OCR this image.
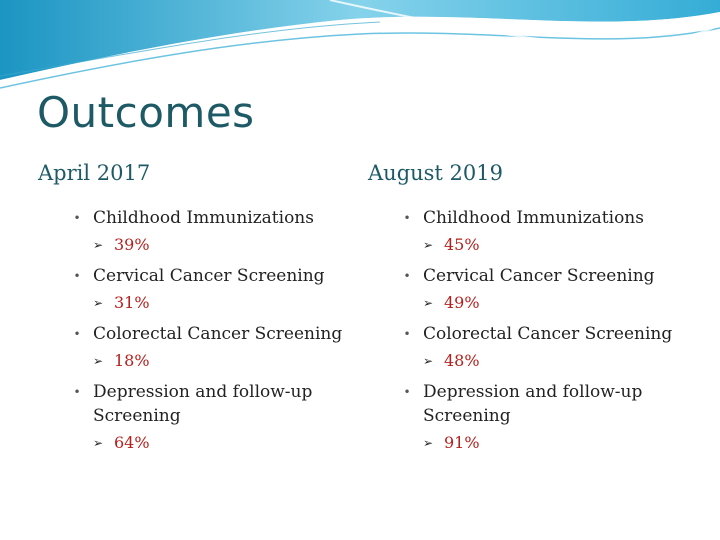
Outcomes
April 2017
• Childhood Immunizations
➢ 39%
• Cervical Cancer Screening
➢ 31%
• Colorectal Cancer Screening
➢ 18%
• Depression and follow-up Screening
➢ 64%
August 2019
• Childhood Immunizations
➢ 45%
• Cervical Cancer Screening
➢ 49%
• Colorectal Cancer Screening
➢ 48%
• Depression and follow-up Screening
➢ 91%
